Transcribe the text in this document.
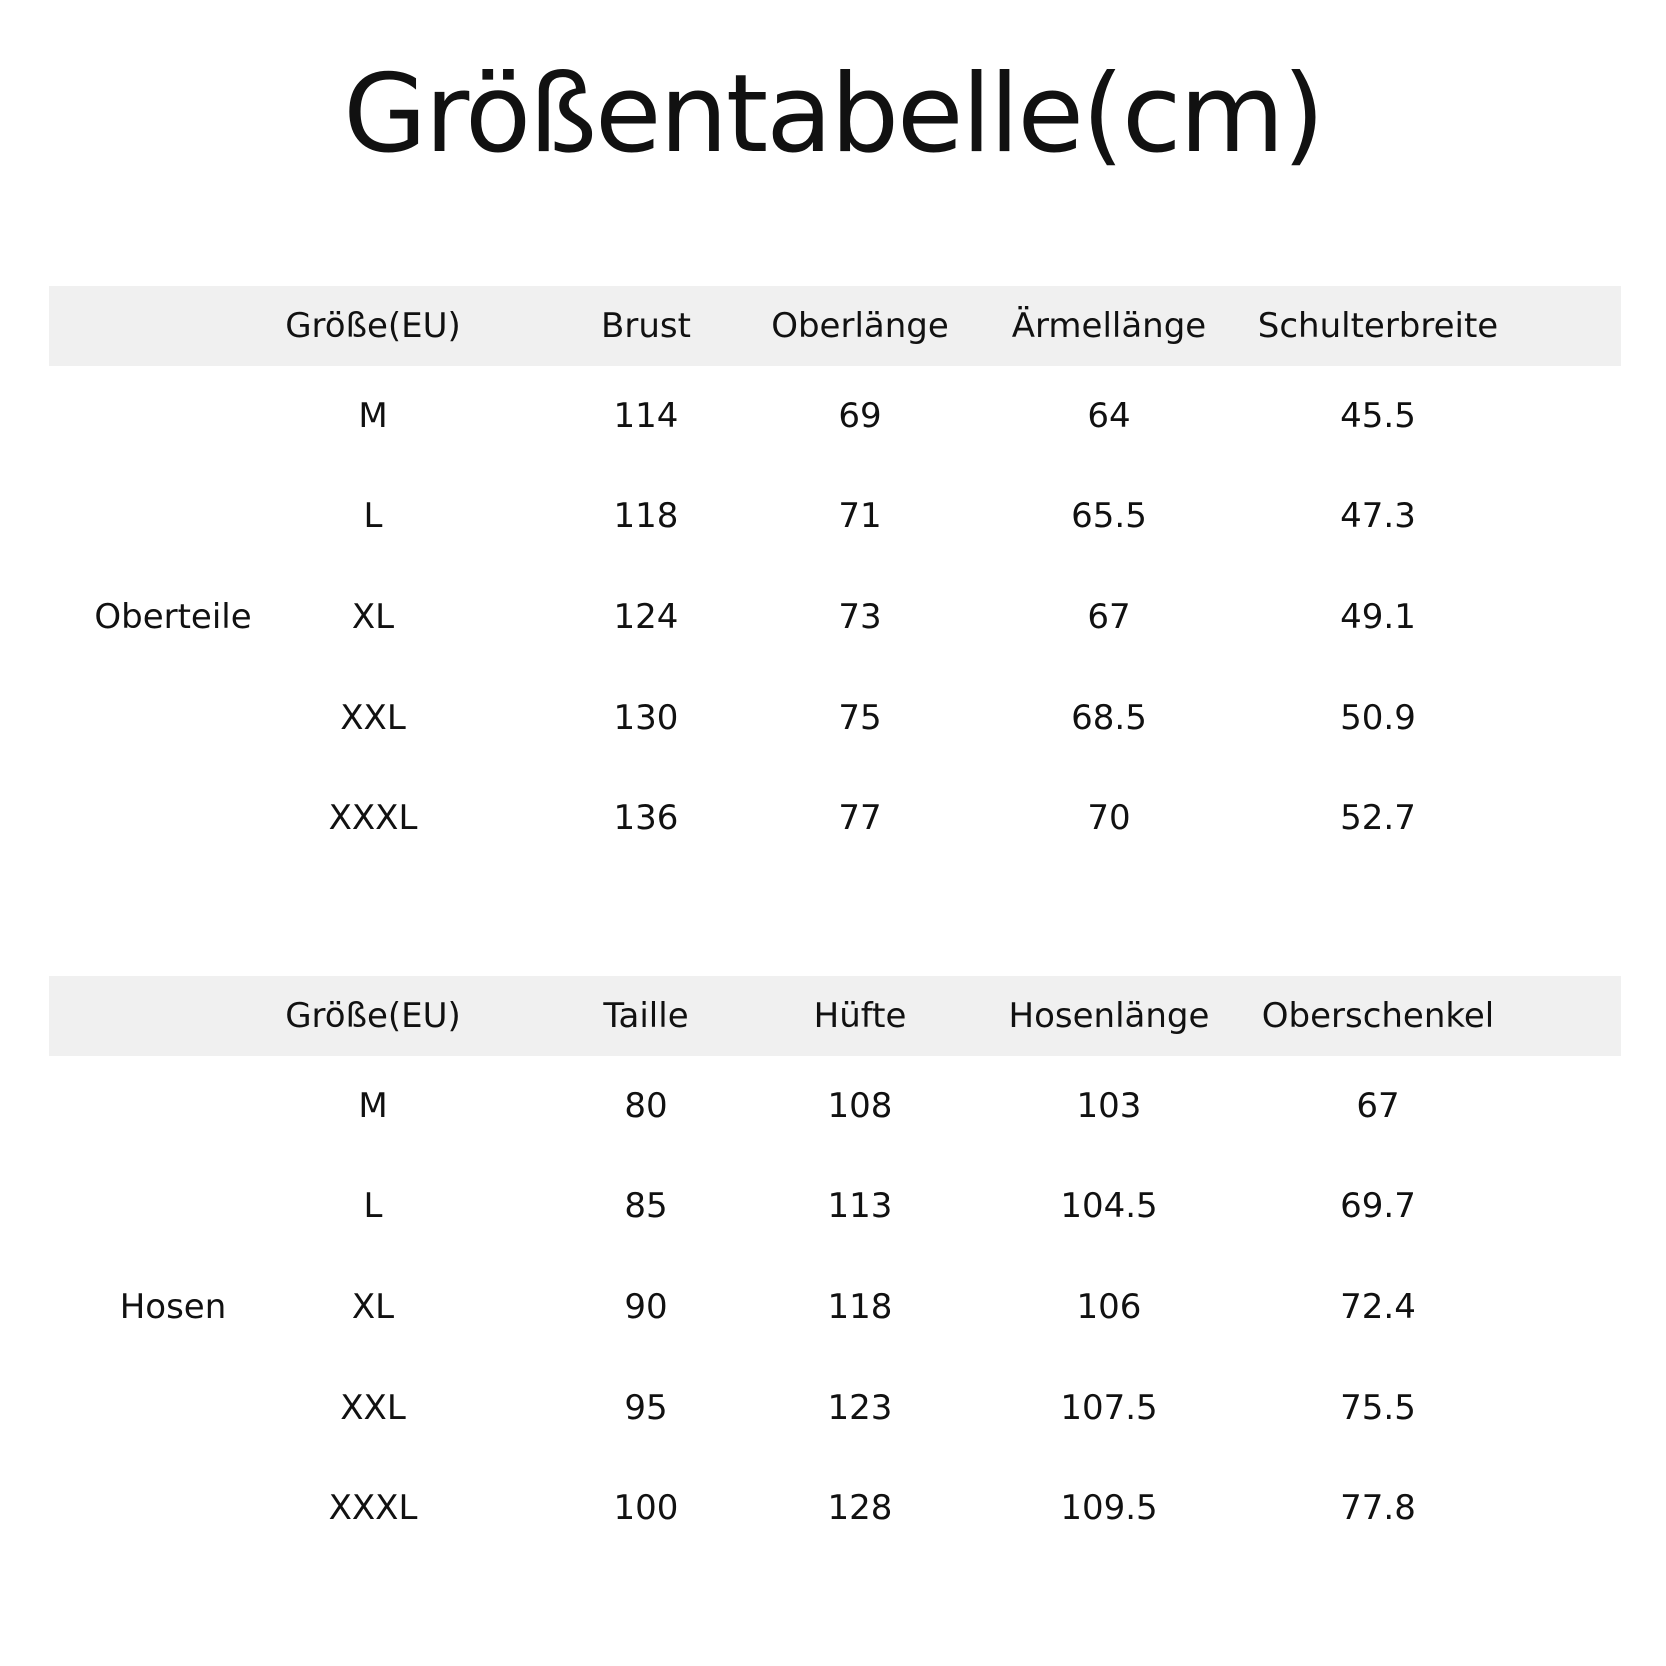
Größentabelle(cm)
Größe(EU)	Brust	Oberlänge	Ärmellänge	Schulterbreite
Oberteile
M	114	69	64	45.5
L	118	71	65.5	47.3
XL	124	73	67	49.1
XXL	130	75	68.5	50.9
XXXL	136	77	70	52.7
Größe(EU)	Taille	Hüfte	Hosenlänge	Oberschenkel
Hosen
M	80	108	103	67
L	85	113	104.5	69.7
XL	90	118	106	72.4
XXL	95	123	107.5	75.5
XXXL	100	128	109.5	77.8
